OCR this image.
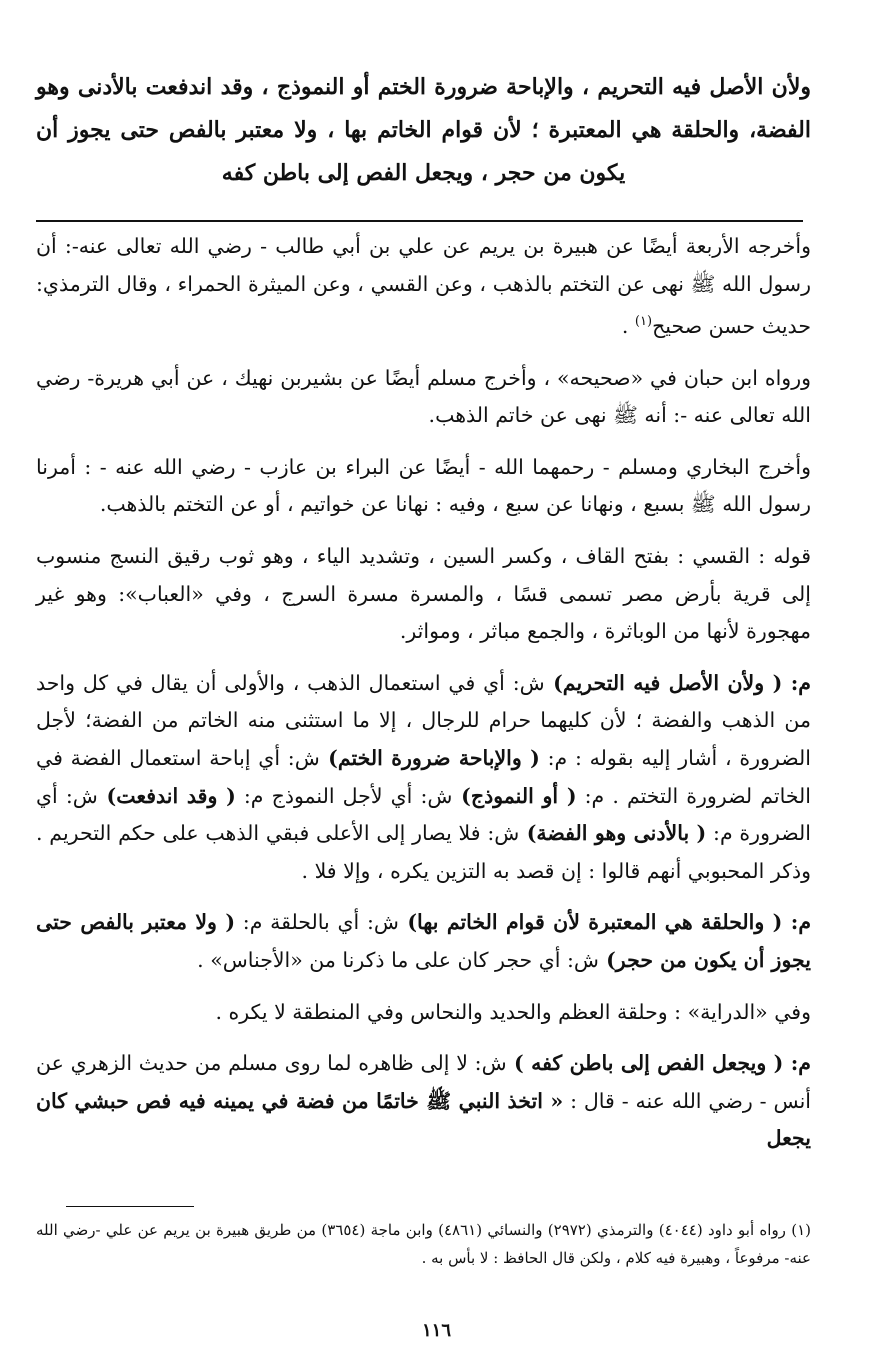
ولأن الأصل فيه التحريم ، والإباحة ضرورة الختم أو النموذج ، وقد اندفعت بالأدنى وهو الفضة، والحلقة هي المعتبرة ؛ لأن قوام الخاتم بها ، ولا معتبر بالفص حتى يجوز أن يكون من حجر ، ويجعل الفص إلى باطن كفه

وأخرجه الأربعة أيضًا عن هبيرة بن يريم عن علي بن أبي طالب - رضي الله تعالى عنه-: أن رسول الله ﷺ نهى عن التختم بالذهب ، وعن القسي ، وعن الميثرة الحمراء ، وقال الترمذي: حديث حسن صحيح$^{(١)}$ .

ورواه ابن حبان في «صحيحه» ، وأخرج مسلم أيضًا عن بشيربن نهيك ، عن أبي هريرة- رضي الله تعالى عنه -: أنه ﷺ نهى عن خاتم الذهب.

وأخرج البخاري ومسلم - رحمهما الله - أيضًا عن البراء بن عازب - رضي الله عنه - : أمرنا رسول الله ﷺ بسبع ، ونهانا عن سبع ، وفيه : نهانا عن خواتيم ، أو عن التختم بالذهب.

قوله : القسي : بفتح القاف ، وكسر السين ، وتشديد الياء ، وهو ثوب رقيق النسج منسوب إلى قرية بأرض مصر تسمى قسًا ، والمسرة مسرة السرج ، وفي «العباب»: وهو غير مهجورة لأنها من الوباثرة ، والجمع مباثر ، ومواثر.

م: ( ولأن الأصل فيه التحريم) ش: أي في استعمال الذهب ، والأولى أن يقال في كل واحد من الذهب والفضة ؛ لأن كليهما حرام للرجال ، إلا ما استثنى منه الخاتم من الفضة؛ لأجل الضرورة ، أشار إليه بقوله : م: ( والإباحة ضرورة الختم) ش: أي إباحة استعمال الفضة في الخاتم لضرورة التختم . م: ( أو النموذج) ش: أي لأجل النموذج م: ( وقد اندفعت) ش: أي الضرورة م: ( بالأدنى وهو الفضة) ش: فلا يصار إلى الأعلى فبقي الذهب على حكم التحريم . وذكر المحبوبي أنهم قالوا : إن قصد به التزين يكره ، وإلا فلا .

م: ( والحلقة هي المعتبرة لأن قوام الخاتم بها) ش: أي بالحلقة م: ( ولا معتبر بالفص حتى يجوز أن يكون من حجر) ش: أي حجر كان على ما ذكرنا من «الأجناس» .

وفي «الدراية» : وحلقة العظم والحديد والنحاس وفي المنطقة لا يكره .

م: ( ويجعل الفص إلى باطن كفه ) ش: لا إلى ظاهره لما روى مسلم من حديث الزهري عن أنس - رضي الله عنه - قال : « اتخذ النبي ﷺ خاتمًا من فضة في يمينه فيه فص حبشي كان يجعل

(١) رواه أبو داود (٤٠٤٤) والترمذي (٢٩٧٢) والنسائي (٤٨٦١) وابن ماجة (٣٦٥٤) من طريق هبيرة بن يريم عن علي -رضي الله عنه- مرفوعاً ، وهبيرة فيه كلام ، ولكن قال الحافظ : لا بأس به .
١١٦
